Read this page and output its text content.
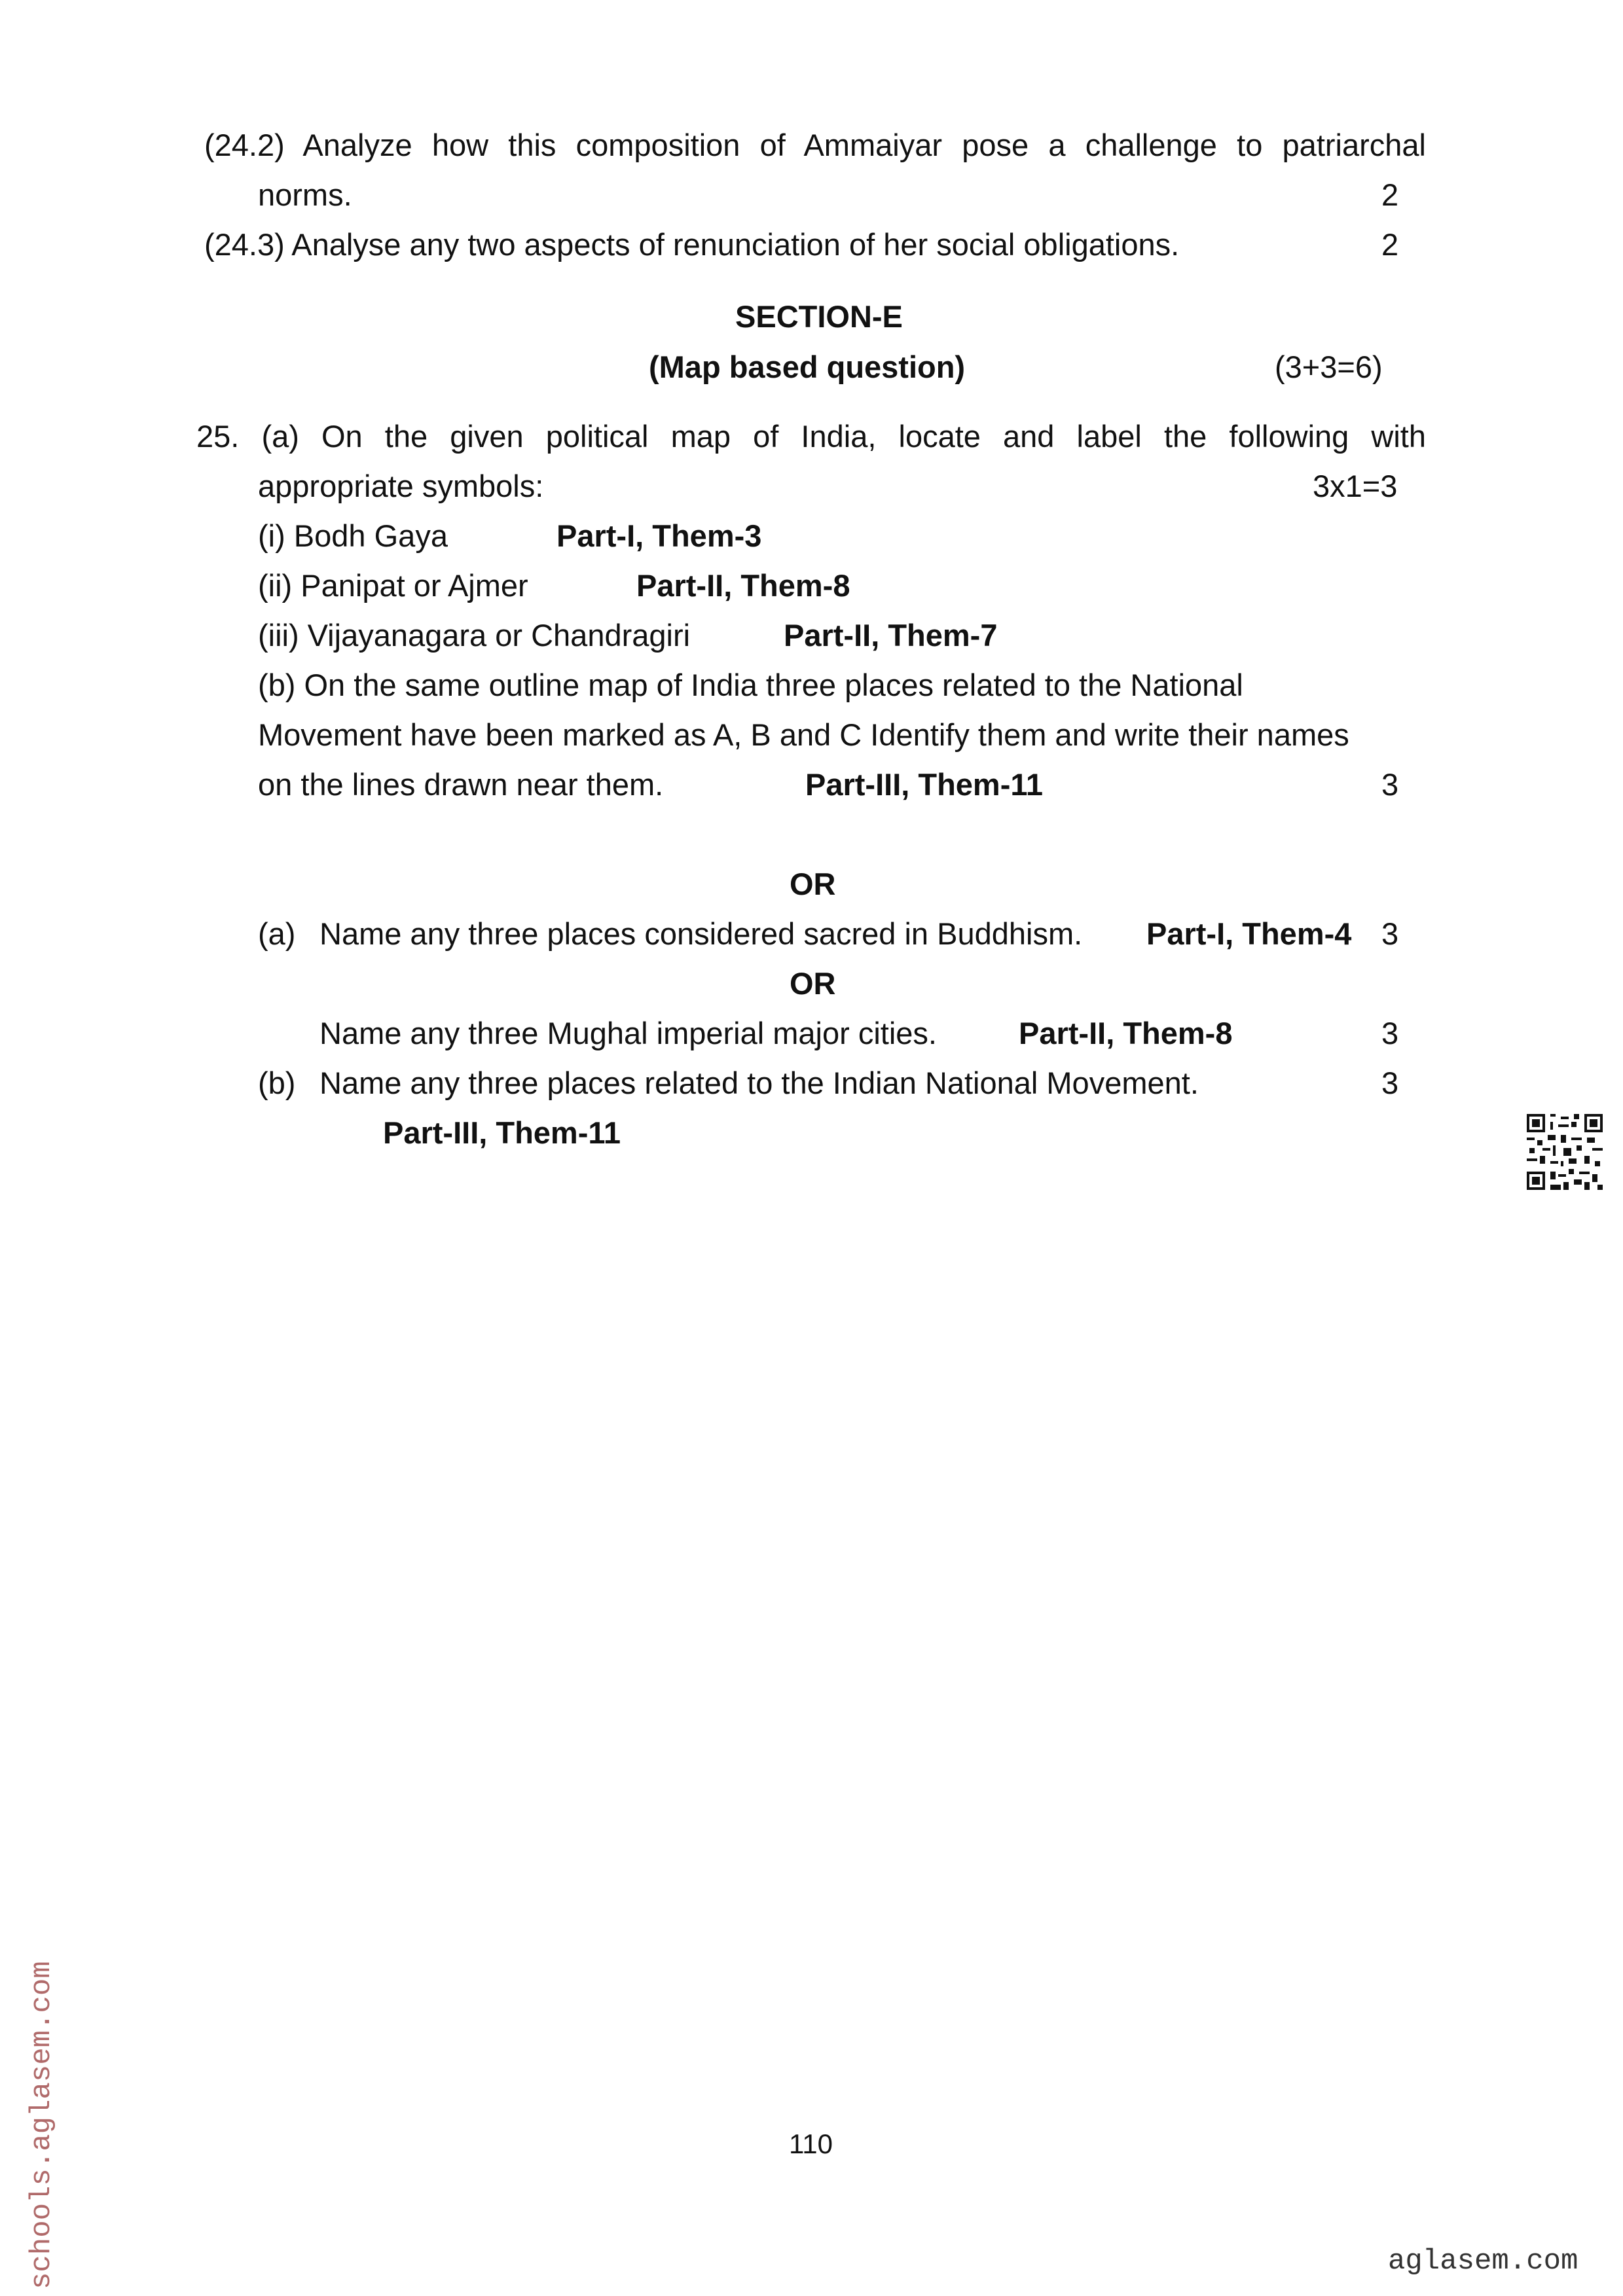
(24.2) Analyze how this composition of Ammaiyar pose a challenge to patriarchal
norms.	2
(24.3) Analyse any two aspects of renunciation of her social obligations.	2
SECTION-E
(Map based question)	(3+3=6)
25. (a) On the given political map of India, locate and label the following with
appropriate symbols:	3x1=3
(i) Bodh Gaya	Part-I, Them-3
(ii) Panipat or Ajmer	Part-II, Them-8
(iii) Vijayanagara or Chandragiri	Part-II, Them-7
(b) On the same outline map of India three places related to the National
Movement have been marked as A, B and C Identify them and write their names
on the lines drawn near them.	Part-III, Them-11	3
OR
(a) Name any three places considered sacred in Buddhism. Part-I, Them-4 3
OR
Name any three Mughal imperial major cities.	Part-II, Them-8	3
(b) Name any three places related to the Indian National Movement.	3
Part-III, Them-11
110
schools.aglasem.com	aglasem.com
